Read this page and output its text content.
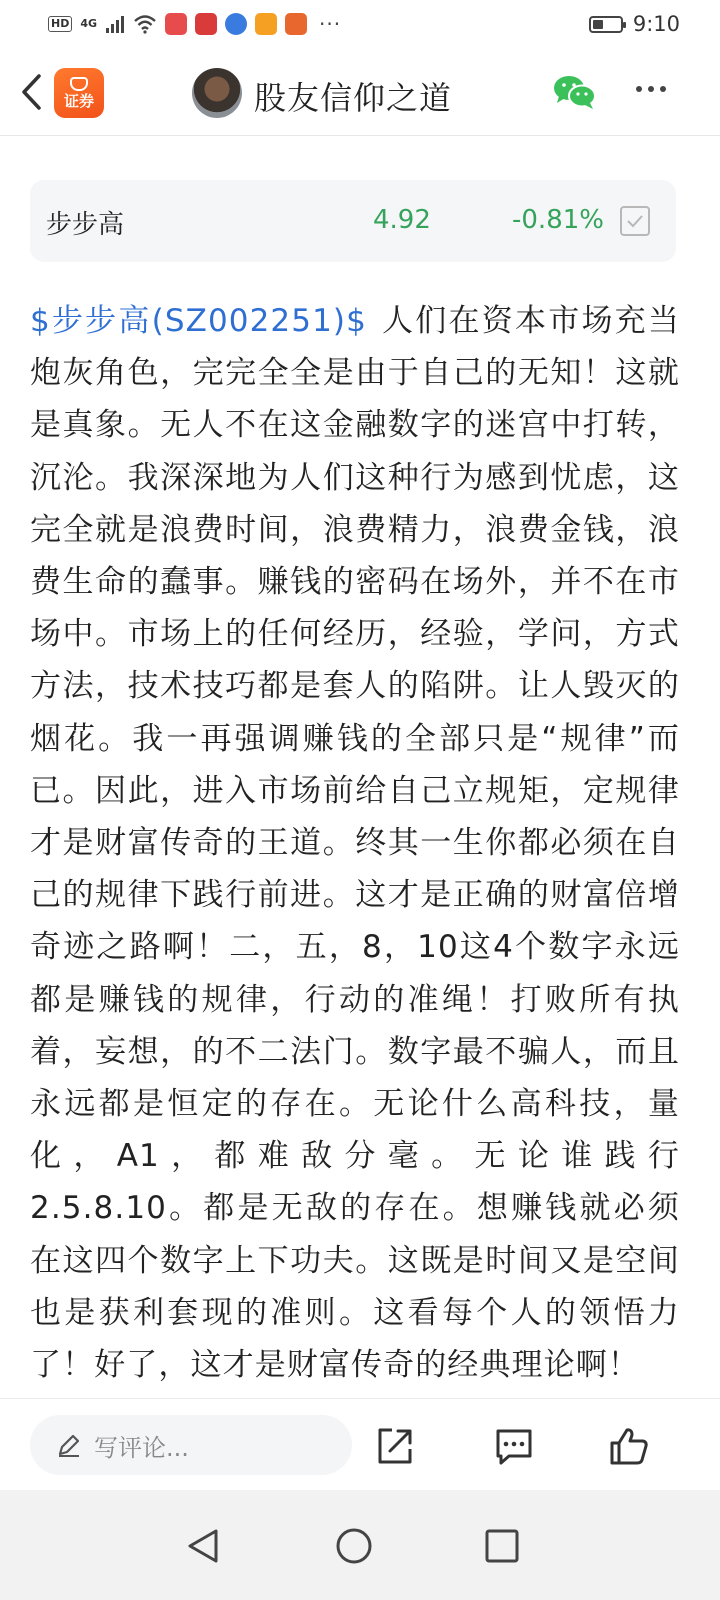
HD 4G	···	9:10
证券	股友信仰之道
步步高	4.92	-0.81%
$步步高(SZ002251)$ 人们在资本市场充当炮灰角色，完完全全是由于自己的无知！这就是真象。无人不在这金融数字的迷宫中打转，沉沦。我深深地为人们这种行为感到忧虑，这完全就是浪费时间，浪费精力，浪费金钱，浪费生命的蠢事。赚钱的密码在场外，并不在市场中。市场上的任何经历，经验，学问，方式方法，技术技巧都是套人的陷阱。让人毁灭的烟花。我一再强调赚钱的全部只是“规律”而已。因此，进入市场前给自己立规矩，定规律才是财富传奇的王道。终其一生你都必须在自己的规律下践行前进。这才是正确的财富倍增奇迹之路啊！二，五，8，10这4个数字永远都是赚钱的规律，行动的准绳！打败所有执着，妄想，的不二法门。数字最不骗人，而且永远都是恒定的存在。无论什么高科技，量化，A1，都难敌分毫。无论谁践行2.5.8.10。都是无敌的存在。想赚钱就必须在这四个数字上下功夫。这既是时间又是空间也是获利套现的准则。这看每个人的领悟力了！好了，这才是财富传奇的经典理论啊！
写评论...
